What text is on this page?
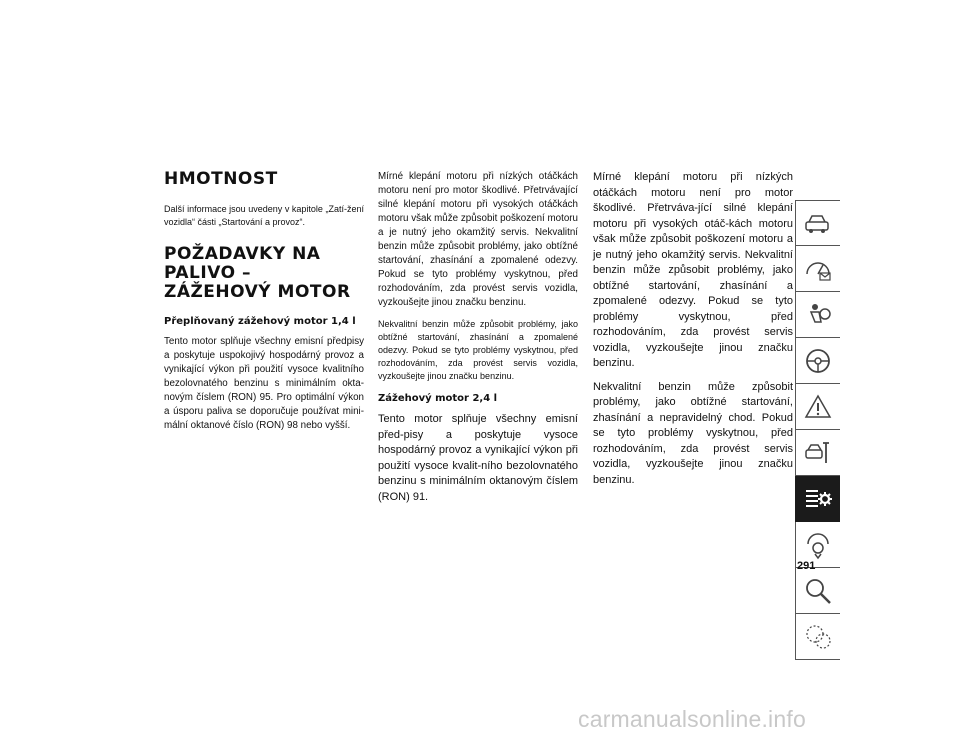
HMOTNOST
Další informace jsou uvedeny v kapitole „Zatí-žení vozidla“ části „Startování a provoz“.
POŽADAVKY NA PALIVO – ZÁŽEHOVÝ MOTOR
Přeplňovaný zážehový motor 1,4 l
Tento motor splňuje všechny emisní předpisy a poskytuje uspokojivý hospodárný provoz a vynikající výkon při použití vysoce kvalitního bezolovnatého benzinu s minimálním okta-novým číslem (RON) 95. Pro optimální výkon a úsporu paliva se doporučuje používat mini-mální oktanové číslo (RON) 98 nebo vyšší.
Mírné klepání motoru při nízkých otáčkách motoru není pro motor škodlivé. Přetrvávající silné klepání motoru při vysokých otáčkách motoru však může způsobit poškození motoru a je nutný jeho okamžitý servis. Nekvalitní benzin může způsobit problémy, jako obtížné startování, zhasínání a zpomalené odezvy. Pokud se tyto problémy vyskytnou, před rozhodováním, zda provést servis vozidla, vyzkoušejte jinou značku benzinu.
Nekvalitní benzin může způsobit problémy, jako obtížné startování, zhasínání a zpomalené odezvy. Pokud se tyto problémy vyskytnou, před rozhodováním, zda provést servis vozidla, vyzkoušejte jinou značku benzinu.
Zážehový motor 2,4 l
Tento motor splňuje všechny emisní před-pisy a poskytuje vysoce hospodárný provoz a vynikající výkon při použití vysoce kvalit-ního bezolovnatého benzinu s minimálním oktanovým číslem (RON) 91.
Mírné klepání motoru při nízkých otáčkách motoru není pro motor škodlivé. Přetrváva-jící silné klepání motoru při vysokých otáč-kách motoru však může způsobit poškození motoru a je nutný jeho okamžitý servis. Nekvalitní benzin může způsobit problémy, jako obtížné startování, zhasínání a zpomalené odezvy. Pokud se tyto problémy vyskytnou, před rozhodováním, zda provést servis vozidla, vyzkoušejte jinou značku benzinu.
Nekvalitní benzin může způsobit problémy, jako obtížné startování, zhasínání a nepravidelný chod. Pokud se tyto problémy vyskytnou, před rozhodováním, zda provést servis vozidla, vyzkoušejte jinou značku benzinu.
291
carmanualsonline.info
